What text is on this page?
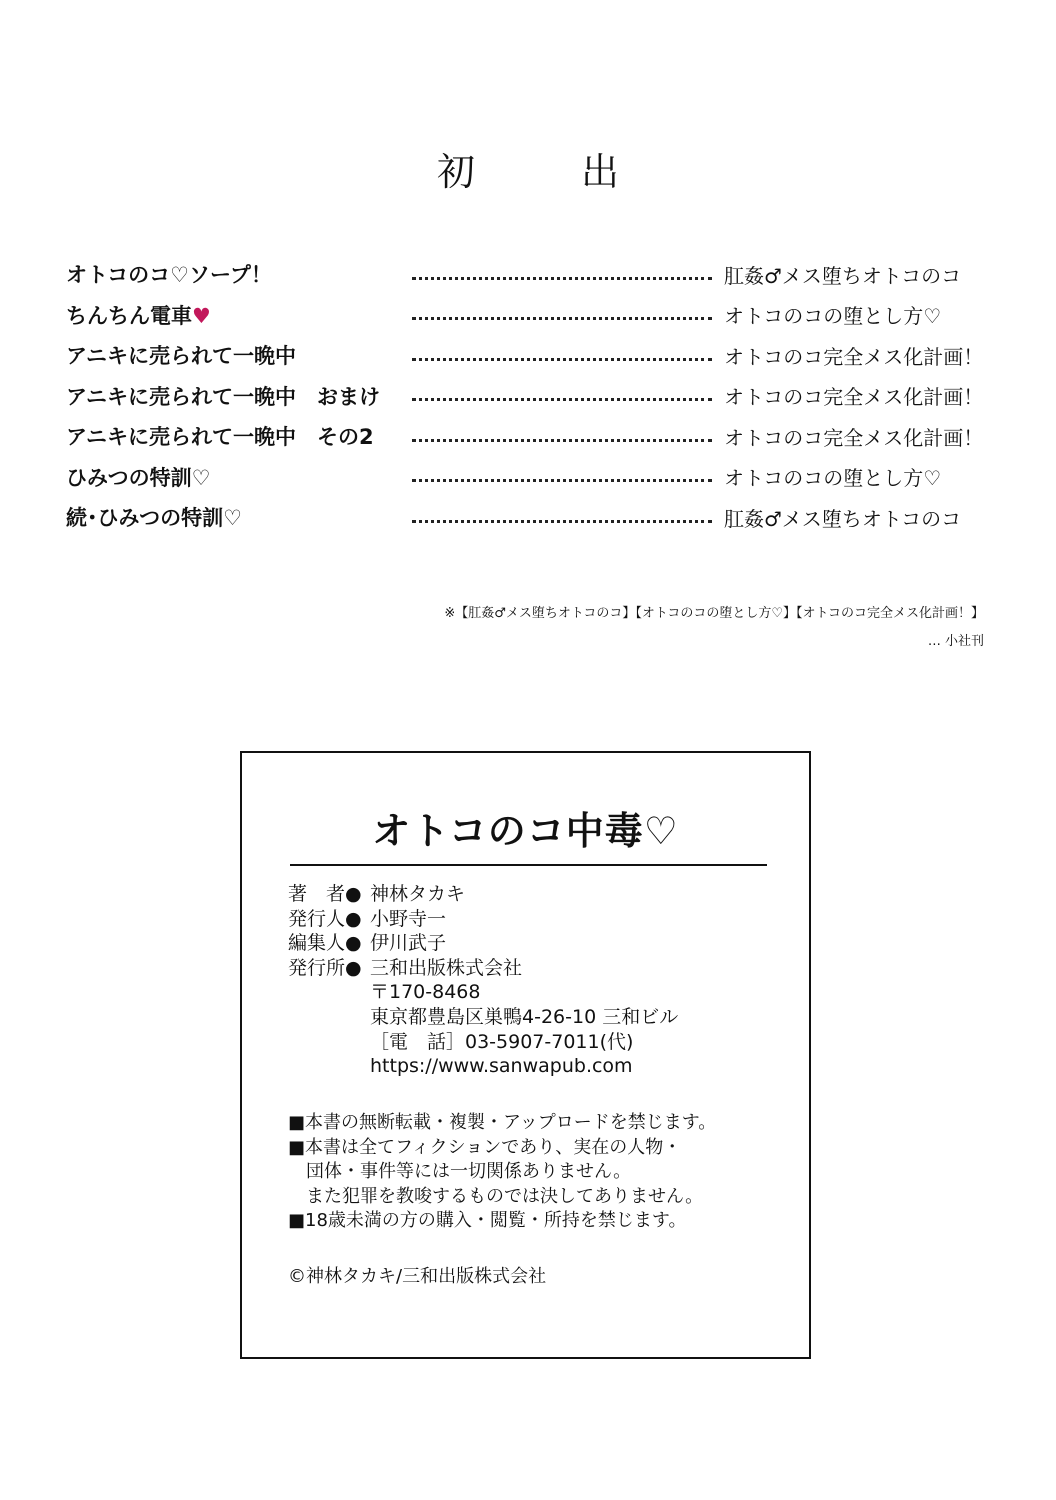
初　出
オトコのコ♡ソープ！	肛姦♂メス堕ちオトコのコ
ちんちん電車♥	オトコのコの堕とし方♡
アニキに売られて一晩中	オトコのコ完全メス化計画！
アニキに売られて一晩中　おまけ	オトコのコ完全メス化計画！
アニキに売られて一晩中　その2	オトコのコ完全メス化計画！
ひみつの特訓♡	オトコのコの堕とし方♡
続･ひみつの特訓♡	肛姦♂メス堕ちオトコのコ
※【肛姦♂メス堕ちオトコのコ】【オトコのコの堕とし方♡】【オトコのコ完全メス化計画！】
… 小社刊
オトコのコ中毒♡
著　者● 神林タカキ
発行人● 小野寺一
編集人● 伊川武子
発行所● 三和出版株式会社
〒170-8468
東京都豊島区巣鴨4-26-10 三和ビル
［電　話］03-5907-7011(代)
https://www.sanwapub.com
■本書の無断転載・複製・アップロードを禁じます。
■本書は全てフィクションであり、実在の人物・
団体・事件等には一切関係ありません。
また犯罪を教唆するものでは決してありません。
■18歳未満の方の購入・閲覧・所持を禁じます。
©神林タカキ/三和出版株式会社
